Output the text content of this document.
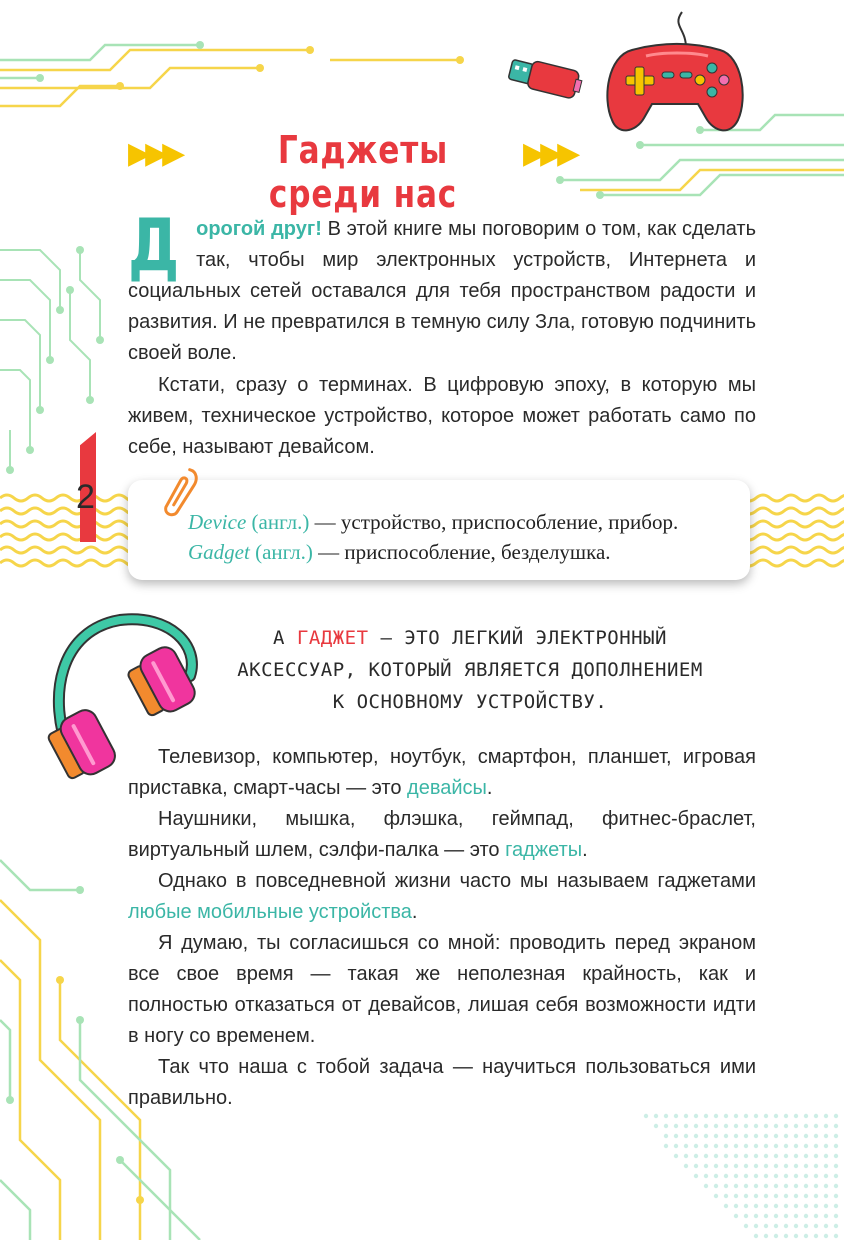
▶▶▶	Гаджеты среди нас
▶▶▶
Дорогой друг! В этой книге мы поговорим о том, как сделать так, чтобы мир электронных устройств, Интернета и социальных сетей оставался для тебя пространством радости и развития. И не превратился в темную силу Зла, готовую подчинить своей воле.
Кстати, сразу о терминах. В цифровую эпоху, в которую мы живем, техническое устройство, которое может работать само по себе, называют девайсом.
2
Device (англ.) — устройство, приспособление, прибор.
Gadget (англ.) — приспособление, безделушка.
А ГАДЖЕТ — ЭТО ЛЕГКИЙ ЭЛЕКТРОННЫЙ
АКСЕССУАР, КОТОРЫЙ ЯВЛЯЕТСЯ ДОПОЛНЕНИЕМ
К ОСНОВНОМУ УСТРОЙСТВУ.
Телевизор, компьютер, ноутбук, смартфон, планшет, игровая приставка, смарт-часы — это девайсы.
Наушники, мышка, флэшка, геймпад, фитнес-браслет, виртуальный шлем, сэлфи-палка — это гаджеты.
Однако в повседневной жизни часто мы называем гаджетами любые мобильные устройства.
Я думаю, ты согласишься со мной: проводить перед экраном все свое время — такая же неполезная крайность, как и полностью отказаться от девайсов, лишая себя возможности идти в ногу со временем.
Так что наша с тобой задача — научиться пользоваться ими правильно.
